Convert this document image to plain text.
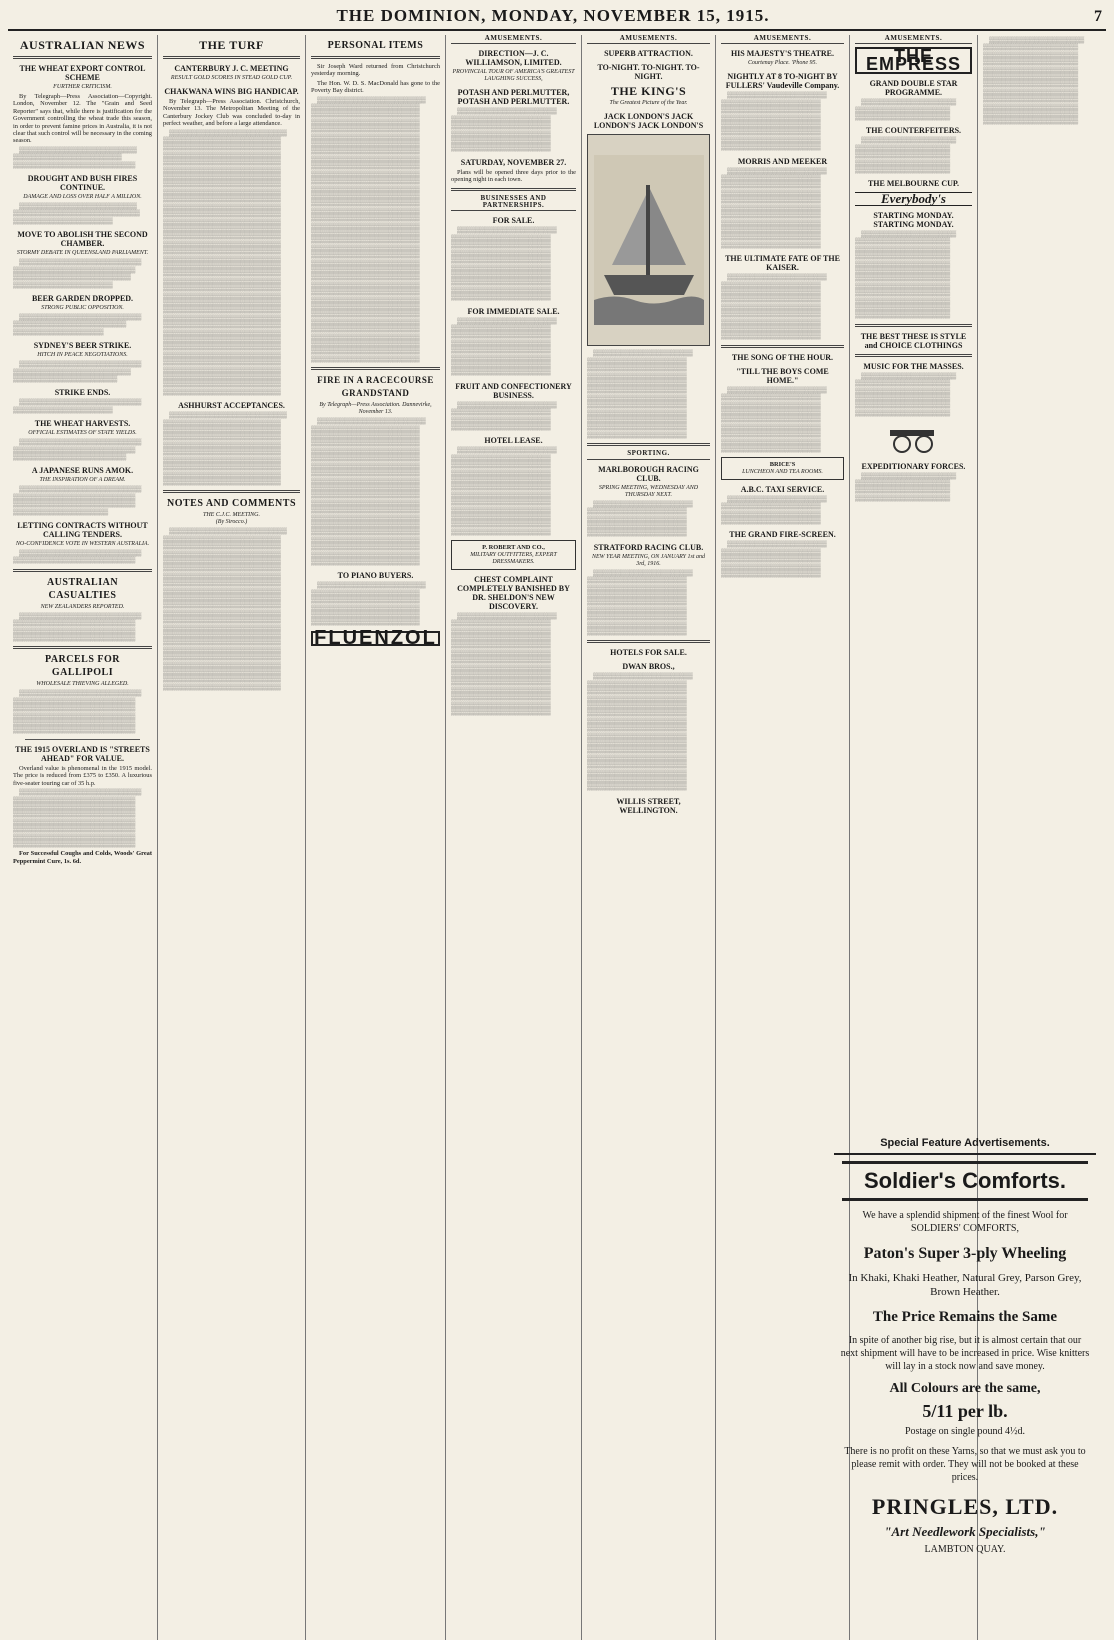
THE DOMINION, MONDAY, NOVEMBER 15, 1915.	7
AUSTRALIAN NEWS
THE WHEAT EXPORT CONTROL SCHEME
FURTHER CRITICISM.
By Telegraph—Press Association—Copyright. London, November 12. The "Grain and Seed Reporter" says that, while there is justification for the Government controlling the wheat trade this season, in order to prevent famine prices in Australia, it is not clear that such control will be necessary in the coming season.
▒▒▒▒▒▒▒▒▒▒▒▒▒▒▒▒▒▒▒▒▒▒▒▒▒▒ ▒▒▒▒▒▒▒▒▒▒▒▒▒▒▒▒▒▒▒▒▒▒▒▒ ▒▒▒▒▒▒▒▒▒▒▒▒▒▒▒▒▒▒▒▒▒▒▒▒▒▒▒
DROUGHT AND BUSH FIRES CONTINUE.
DAMAGE AND LOSS OVER HALF A MILLION.
▒▒▒▒▒▒▒▒▒▒▒▒▒▒▒▒▒▒▒▒▒▒▒▒▒▒ ▒▒▒▒▒▒▒▒▒▒▒▒▒▒▒▒▒▒▒▒▒▒▒▒▒▒▒▒ ▒▒▒▒▒▒▒▒▒▒▒▒▒▒▒▒▒▒▒▒▒▒
MOVE TO ABOLISH THE SECOND CHAMBER.
STORMY DEBATE IN QUEENSLAND PARLIAMENT.
▒▒▒▒▒▒▒▒▒▒▒▒▒▒▒▒▒▒▒▒▒▒▒▒▒▒▒ ▒▒▒▒▒▒▒▒▒▒▒▒▒▒▒▒▒▒▒▒▒▒▒▒▒▒▒ ▒▒▒▒▒▒▒▒▒▒▒▒▒▒▒▒▒▒▒▒▒▒▒▒▒▒ ▒▒▒▒▒▒▒▒▒▒▒▒▒▒▒▒▒▒▒▒▒▒
BEER GARDEN DROPPED.
STRONG PUBLIC OPPOSITION.
▒▒▒▒▒▒▒▒▒▒▒▒▒▒▒▒▒▒▒▒▒▒▒▒▒▒▒ ▒▒▒▒▒▒▒▒▒▒▒▒▒▒▒▒▒▒▒▒▒▒▒▒▒ ▒▒▒▒▒▒▒▒▒▒▒▒▒▒▒▒▒▒▒▒
SYDNEY'S BEER STRIKE.
HITCH IN PEACE NEGOTIATIONS.
▒▒▒▒▒▒▒▒▒▒▒▒▒▒▒▒▒▒▒▒▒▒▒▒▒▒▒ ▒▒▒▒▒▒▒▒▒▒▒▒▒▒▒▒▒▒▒▒▒▒▒▒▒▒ ▒▒▒▒▒▒▒▒▒▒▒▒▒▒▒▒▒▒▒▒▒▒▒
STRIKE ENDS.
▒▒▒▒▒▒▒▒▒▒▒▒▒▒▒▒▒▒▒▒▒▒▒▒▒▒▒ ▒▒▒▒▒▒▒▒▒▒▒▒▒▒▒▒▒▒▒▒▒▒
THE WHEAT HARVESTS.
OFFICIAL ESTIMATES OF STATE YIELDS.
▒▒▒▒▒▒▒▒▒▒▒▒▒▒▒▒▒▒▒▒▒▒▒▒▒▒▒ ▒▒▒▒▒▒▒▒▒▒▒▒▒▒▒▒▒▒▒▒▒▒▒▒▒▒▒ ▒▒▒▒▒▒▒▒▒▒▒▒▒▒▒▒▒▒▒▒▒▒▒▒▒
A JAPANESE RUNS AMOK.
THE INSPIRATION OF A DREAM.
▒▒▒▒▒▒▒▒▒▒▒▒▒▒▒▒▒▒▒▒▒▒▒▒▒▒▒ ▒▒▒▒▒▒▒▒▒▒▒▒▒▒▒▒▒▒▒▒▒▒▒▒▒▒▒ ▒▒▒▒▒▒▒▒▒▒▒▒▒▒▒▒▒▒▒▒▒▒▒▒▒▒▒ ▒▒▒▒▒▒▒▒▒▒▒▒▒▒▒▒▒▒▒▒▒
LETTING CONTRACTS WITHOUT CALLING TENDERS.
NO-CONFIDENCE VOTE IN WESTERN AUSTRALIA.
▒▒▒▒▒▒▒▒▒▒▒▒▒▒▒▒▒▒▒▒▒▒▒▒▒▒▒ ▒▒▒▒▒▒▒▒▒▒▒▒▒▒▒▒▒▒▒▒▒▒▒▒▒▒▒
AUSTRALIAN CASUALTIES
NEW ZEALANDERS REPORTED.
▒▒▒▒▒▒▒▒▒▒▒▒▒▒▒▒▒▒▒▒▒▒▒▒▒▒▒ ▒▒▒▒▒▒▒▒▒▒▒▒▒▒▒▒▒▒▒▒▒▒▒▒▒▒▒ ▒▒▒▒▒▒▒▒▒▒▒▒▒▒▒▒▒▒▒▒▒▒▒▒▒▒▒ ▒▒▒▒▒▒▒▒▒▒▒▒▒▒▒▒▒▒▒▒▒▒▒▒▒▒▒
PARCELS FOR GALLIPOLI
WHOLESALE THIEVING ALLEGED.
▒▒▒▒▒▒▒▒▒▒▒▒▒▒▒▒▒▒▒▒▒▒▒▒▒▒▒ ▒▒▒▒▒▒▒▒▒▒▒▒▒▒▒▒▒▒▒▒▒▒▒▒▒▒▒ ▒▒▒▒▒▒▒▒▒▒▒▒▒▒▒▒▒▒▒▒▒▒▒▒▒▒▒ ▒▒▒▒▒▒▒▒▒▒▒▒▒▒▒▒▒▒▒▒▒▒▒▒▒▒▒ ▒▒▒▒▒▒▒▒▒▒▒▒▒▒▒▒▒▒▒▒▒▒▒▒▒▒▒ ▒▒▒▒▒▒▒▒▒▒▒▒▒▒▒▒▒▒▒▒▒▒▒▒▒▒▒
THE 1915 OVERLAND IS "STREETS AHEAD" FOR VALUE.
Overland value is phenomenal in the 1915 model. The price is reduced from £375 to £350. A luxurious five-seater touring car of 35 h.p.
▒▒▒▒▒▒▒▒▒▒▒▒▒▒▒▒▒▒▒▒▒▒▒▒▒▒▒ ▒▒▒▒▒▒▒▒▒▒▒▒▒▒▒▒▒▒▒▒▒▒▒▒▒▒▒ ▒▒▒▒▒▒▒▒▒▒▒▒▒▒▒▒▒▒▒▒▒▒▒▒▒▒▒ ▒▒▒▒▒▒▒▒▒▒▒▒▒▒▒▒▒▒▒▒▒▒▒▒▒▒▒ ▒▒▒▒▒▒▒▒▒▒▒▒▒▒▒▒▒▒▒▒▒▒▒▒▒▒▒ ▒▒▒▒▒▒▒▒▒▒▒▒▒▒▒▒▒▒▒▒▒▒▒▒▒▒▒ ▒▒▒▒▒▒▒▒▒▒▒▒▒▒▒▒▒▒▒▒▒▒▒▒▒▒▒ ▒▒▒▒▒▒▒▒▒▒▒▒▒▒▒▒▒▒▒▒▒▒▒▒▒▒▒
For Successful Coughs and Colds, Woods' Great Peppermint Cure, 1s. 6d.
THE TURF
CANTERBURY J. C. MEETING
RESULT GOLD SCORES IN STEAD GOLD CUP.
CHAKWANA WINS BIG HANDICAP.
By Telegraph—Press Association. Christchurch, November 13. The Metropolitan Meeting of the Canterbury Jockey Club was concluded to-day in perfect weather, and before a large attendance.
▒▒▒▒▒▒▒▒▒▒▒▒▒▒▒▒▒▒▒▒▒▒▒▒▒▒ ▒▒▒▒▒▒▒▒▒▒▒▒▒▒▒▒▒▒▒▒▒▒▒▒▒▒ ▒▒▒▒▒▒▒▒▒▒▒▒▒▒▒▒▒▒▒▒▒▒▒▒▒▒ ▒▒▒▒▒▒▒▒▒▒▒▒▒▒▒▒▒▒▒▒▒▒▒▒▒▒ ▒▒▒▒▒▒▒▒▒▒▒▒▒▒▒▒▒▒▒▒▒▒▒▒▒▒ ▒▒▒▒▒▒▒▒▒▒▒▒▒▒▒▒▒▒▒▒▒▒▒▒▒▒ ▒▒▒▒▒▒▒▒▒▒▒▒▒▒▒▒▒▒▒▒▒▒▒▒▒▒ ▒▒▒▒▒▒▒▒▒▒▒▒▒▒▒▒▒▒▒▒▒▒▒▒▒▒ ▒▒▒▒▒▒▒▒▒▒▒▒▒▒▒▒▒▒▒▒▒▒▒▒▒▒ ▒▒▒▒▒▒▒▒▒▒▒▒▒▒▒▒▒▒▒▒▒▒▒▒▒▒ ▒▒▒▒▒▒▒▒▒▒▒▒▒▒▒▒▒▒▒▒▒▒▒▒▒▒ ▒▒▒▒▒▒▒▒▒▒▒▒▒▒▒▒▒▒▒▒▒▒▒▒▒▒ ▒▒▒▒▒▒▒▒▒▒▒▒▒▒▒▒▒▒▒▒▒▒▒▒▒▒ ▒▒▒▒▒▒▒▒▒▒▒▒▒▒▒▒▒▒▒▒▒▒▒▒▒▒ ▒▒▒▒▒▒▒▒▒▒▒▒▒▒▒▒▒▒▒▒▒▒▒▒▒▒ ▒▒▒▒▒▒▒▒▒▒▒▒▒▒▒▒▒▒▒▒▒▒▒▒▒▒ ▒▒▒▒▒▒▒▒▒▒▒▒▒▒▒▒▒▒▒▒▒▒▒▒▒▒ ▒▒▒▒▒▒▒▒▒▒▒▒▒▒▒▒▒▒▒▒▒▒▒▒▒▒ ▒▒▒▒▒▒▒▒▒▒▒▒▒▒▒▒▒▒▒▒▒▒▒▒▒▒ ▒▒▒▒▒▒▒▒▒▒▒▒▒▒▒▒▒▒▒▒▒▒▒▒▒▒ ▒▒▒▒▒▒▒▒▒▒▒▒▒▒▒▒▒▒▒▒▒▒▒▒▒▒ ▒▒▒▒▒▒▒▒▒▒▒▒▒▒▒▒▒▒▒▒▒▒▒▒▒▒ ▒▒▒▒▒▒▒▒▒▒▒▒▒▒▒▒▒▒▒▒▒▒▒▒▒▒ ▒▒▒▒▒▒▒▒▒▒▒▒▒▒▒▒▒▒▒▒▒▒▒▒▒▒ ▒▒▒▒▒▒▒▒▒▒▒▒▒▒▒▒▒▒▒▒▒▒▒▒▒▒ ▒▒▒▒▒▒▒▒▒▒▒▒▒▒▒▒▒▒▒▒▒▒▒▒▒▒ ▒▒▒▒▒▒▒▒▒▒▒▒▒▒▒▒▒▒▒▒▒▒▒▒▒▒ ▒▒▒▒▒▒▒▒▒▒▒▒▒▒▒▒▒▒▒▒▒▒▒▒▒▒ ▒▒▒▒▒▒▒▒▒▒▒▒▒▒▒▒▒▒▒▒▒▒▒▒▒▒ ▒▒▒▒▒▒▒▒▒▒▒▒▒▒▒▒▒▒▒▒▒▒▒▒▒▒ ▒▒▒▒▒▒▒▒▒▒▒▒▒▒▒▒▒▒▒▒▒▒▒▒▒▒ ▒▒▒▒▒▒▒▒▒▒▒▒▒▒▒▒▒▒▒▒▒▒▒▒▒▒ ▒▒▒▒▒▒▒▒▒▒▒▒▒▒▒▒▒▒▒▒▒▒▒▒▒▒ ▒▒▒▒▒▒▒▒▒▒▒▒▒▒▒▒▒▒▒▒▒▒▒▒▒▒ ▒▒▒▒▒▒▒▒▒▒▒▒▒▒▒▒▒▒▒▒▒▒▒▒▒▒ ▒▒▒▒▒▒▒▒▒▒▒▒▒▒▒▒▒▒▒▒▒▒▒▒▒▒
ASHHURST ACCEPTANCES.
▒▒▒▒▒▒▒▒▒▒▒▒▒▒▒▒▒▒▒▒▒▒▒▒▒▒ ▒▒▒▒▒▒▒▒▒▒▒▒▒▒▒▒▒▒▒▒▒▒▒▒▒▒ ▒▒▒▒▒▒▒▒▒▒▒▒▒▒▒▒▒▒▒▒▒▒▒▒▒▒ ▒▒▒▒▒▒▒▒▒▒▒▒▒▒▒▒▒▒▒▒▒▒▒▒▒▒ ▒▒▒▒▒▒▒▒▒▒▒▒▒▒▒▒▒▒▒▒▒▒▒▒▒▒ ▒▒▒▒▒▒▒▒▒▒▒▒▒▒▒▒▒▒▒▒▒▒▒▒▒▒ ▒▒▒▒▒▒▒▒▒▒▒▒▒▒▒▒▒▒▒▒▒▒▒▒▒▒ ▒▒▒▒▒▒▒▒▒▒▒▒▒▒▒▒▒▒▒▒▒▒▒▒▒▒ ▒▒▒▒▒▒▒▒▒▒▒▒▒▒▒▒▒▒▒▒▒▒▒▒▒▒ ▒▒▒▒▒▒▒▒▒▒▒▒▒▒▒▒▒▒▒▒▒▒▒▒▒▒
NOTES AND COMMENTS
THE C.J.C. MEETING.
(By Sirocco.)
▒▒▒▒▒▒▒▒▒▒▒▒▒▒▒▒▒▒▒▒▒▒▒▒▒▒ ▒▒▒▒▒▒▒▒▒▒▒▒▒▒▒▒▒▒▒▒▒▒▒▒▒▒ ▒▒▒▒▒▒▒▒▒▒▒▒▒▒▒▒▒▒▒▒▒▒▒▒▒▒ ▒▒▒▒▒▒▒▒▒▒▒▒▒▒▒▒▒▒▒▒▒▒▒▒▒▒ ▒▒▒▒▒▒▒▒▒▒▒▒▒▒▒▒▒▒▒▒▒▒▒▒▒▒ ▒▒▒▒▒▒▒▒▒▒▒▒▒▒▒▒▒▒▒▒▒▒▒▒▒▒ ▒▒▒▒▒▒▒▒▒▒▒▒▒▒▒▒▒▒▒▒▒▒▒▒▒▒ ▒▒▒▒▒▒▒▒▒▒▒▒▒▒▒▒▒▒▒▒▒▒▒▒▒▒ ▒▒▒▒▒▒▒▒▒▒▒▒▒▒▒▒▒▒▒▒▒▒▒▒▒▒ ▒▒▒▒▒▒▒▒▒▒▒▒▒▒▒▒▒▒▒▒▒▒▒▒▒▒ ▒▒▒▒▒▒▒▒▒▒▒▒▒▒▒▒▒▒▒▒▒▒▒▒▒▒ ▒▒▒▒▒▒▒▒▒▒▒▒▒▒▒▒▒▒▒▒▒▒▒▒▒▒ ▒▒▒▒▒▒▒▒▒▒▒▒▒▒▒▒▒▒▒▒▒▒▒▒▒▒ ▒▒▒▒▒▒▒▒▒▒▒▒▒▒▒▒▒▒▒▒▒▒▒▒▒▒ ▒▒▒▒▒▒▒▒▒▒▒▒▒▒▒▒▒▒▒▒▒▒▒▒▒▒ ▒▒▒▒▒▒▒▒▒▒▒▒▒▒▒▒▒▒▒▒▒▒▒▒▒▒ ▒▒▒▒▒▒▒▒▒▒▒▒▒▒▒▒▒▒▒▒▒▒▒▒▒▒ ▒▒▒▒▒▒▒▒▒▒▒▒▒▒▒▒▒▒▒▒▒▒▒▒▒▒ ▒▒▒▒▒▒▒▒▒▒▒▒▒▒▒▒▒▒▒▒▒▒▒▒▒▒ ▒▒▒▒▒▒▒▒▒▒▒▒▒▒▒▒▒▒▒▒▒▒▒▒▒▒ ▒▒▒▒▒▒▒▒▒▒▒▒▒▒▒▒▒▒▒▒▒▒▒▒▒▒ ▒▒▒▒▒▒▒▒▒▒▒▒▒▒▒▒▒▒▒▒▒▒▒▒▒▒
PERSONAL ITEMS
Sir Joseph Ward returned from Christchurch yesterday morning.
The Hon. W. D. S. MacDonald has gone to the Poverty Bay district.
▒▒▒▒▒▒▒▒▒▒▒▒▒▒▒▒▒▒▒▒▒▒▒▒ ▒▒▒▒▒▒▒▒▒▒▒▒▒▒▒▒▒▒▒▒▒▒▒▒ ▒▒▒▒▒▒▒▒▒▒▒▒▒▒▒▒▒▒▒▒▒▒▒▒ ▒▒▒▒▒▒▒▒▒▒▒▒▒▒▒▒▒▒▒▒▒▒▒▒ ▒▒▒▒▒▒▒▒▒▒▒▒▒▒▒▒▒▒▒▒▒▒▒▒ ▒▒▒▒▒▒▒▒▒▒▒▒▒▒▒▒▒▒▒▒▒▒▒▒ ▒▒▒▒▒▒▒▒▒▒▒▒▒▒▒▒▒▒▒▒▒▒▒▒ ▒▒▒▒▒▒▒▒▒▒▒▒▒▒▒▒▒▒▒▒▒▒▒▒ ▒▒▒▒▒▒▒▒▒▒▒▒▒▒▒▒▒▒▒▒▒▒▒▒ ▒▒▒▒▒▒▒▒▒▒▒▒▒▒▒▒▒▒▒▒▒▒▒▒ ▒▒▒▒▒▒▒▒▒▒▒▒▒▒▒▒▒▒▒▒▒▒▒▒ ▒▒▒▒▒▒▒▒▒▒▒▒▒▒▒▒▒▒▒▒▒▒▒▒ ▒▒▒▒▒▒▒▒▒▒▒▒▒▒▒▒▒▒▒▒▒▒▒▒ ▒▒▒▒▒▒▒▒▒▒▒▒▒▒▒▒▒▒▒▒▒▒▒▒ ▒▒▒▒▒▒▒▒▒▒▒▒▒▒▒▒▒▒▒▒▒▒▒▒ ▒▒▒▒▒▒▒▒▒▒▒▒▒▒▒▒▒▒▒▒▒▒▒▒ ▒▒▒▒▒▒▒▒▒▒▒▒▒▒▒▒▒▒▒▒▒▒▒▒ ▒▒▒▒▒▒▒▒▒▒▒▒▒▒▒▒▒▒▒▒▒▒▒▒ ▒▒▒▒▒▒▒▒▒▒▒▒▒▒▒▒▒▒▒▒▒▒▒▒ ▒▒▒▒▒▒▒▒▒▒▒▒▒▒▒▒▒▒▒▒▒▒▒▒ ▒▒▒▒▒▒▒▒▒▒▒▒▒▒▒▒▒▒▒▒▒▒▒▒ ▒▒▒▒▒▒▒▒▒▒▒▒▒▒▒▒▒▒▒▒▒▒▒▒ ▒▒▒▒▒▒▒▒▒▒▒▒▒▒▒▒▒▒▒▒▒▒▒▒ ▒▒▒▒▒▒▒▒▒▒▒▒▒▒▒▒▒▒▒▒▒▒▒▒ ▒▒▒▒▒▒▒▒▒▒▒▒▒▒▒▒▒▒▒▒▒▒▒▒ ▒▒▒▒▒▒▒▒▒▒▒▒▒▒▒▒▒▒▒▒▒▒▒▒ ▒▒▒▒▒▒▒▒▒▒▒▒▒▒▒▒▒▒▒▒▒▒▒▒ ▒▒▒▒▒▒▒▒▒▒▒▒▒▒▒▒▒▒▒▒▒▒▒▒ ▒▒▒▒▒▒▒▒▒▒▒▒▒▒▒▒▒▒▒▒▒▒▒▒ ▒▒▒▒▒▒▒▒▒▒▒▒▒▒▒▒▒▒▒▒▒▒▒▒ ▒▒▒▒▒▒▒▒▒▒▒▒▒▒▒▒▒▒▒▒▒▒▒▒ ▒▒▒▒▒▒▒▒▒▒▒▒▒▒▒▒▒▒▒▒▒▒▒▒ ▒▒▒▒▒▒▒▒▒▒▒▒▒▒▒▒▒▒▒▒▒▒▒▒ ▒▒▒▒▒▒▒▒▒▒▒▒▒▒▒▒▒▒▒▒▒▒▒▒ ▒▒▒▒▒▒▒▒▒▒▒▒▒▒▒▒▒▒▒▒▒▒▒▒ ▒▒▒▒▒▒▒▒▒▒▒▒▒▒▒▒▒▒▒▒▒▒▒▒
FIRE IN A RACECOURSE GRANDSTAND
By Telegraph—Press Association. Dannevirke, November 13.
▒▒▒▒▒▒▒▒▒▒▒▒▒▒▒▒▒▒▒▒▒▒▒▒ ▒▒▒▒▒▒▒▒▒▒▒▒▒▒▒▒▒▒▒▒▒▒▒▒ ▒▒▒▒▒▒▒▒▒▒▒▒▒▒▒▒▒▒▒▒▒▒▒▒ ▒▒▒▒▒▒▒▒▒▒▒▒▒▒▒▒▒▒▒▒▒▒▒▒ ▒▒▒▒▒▒▒▒▒▒▒▒▒▒▒▒▒▒▒▒▒▒▒▒ ▒▒▒▒▒▒▒▒▒▒▒▒▒▒▒▒▒▒▒▒▒▒▒▒ ▒▒▒▒▒▒▒▒▒▒▒▒▒▒▒▒▒▒▒▒▒▒▒▒ ▒▒▒▒▒▒▒▒▒▒▒▒▒▒▒▒▒▒▒▒▒▒▒▒ ▒▒▒▒▒▒▒▒▒▒▒▒▒▒▒▒▒▒▒▒▒▒▒▒ ▒▒▒▒▒▒▒▒▒▒▒▒▒▒▒▒▒▒▒▒▒▒▒▒ ▒▒▒▒▒▒▒▒▒▒▒▒▒▒▒▒▒▒▒▒▒▒▒▒ ▒▒▒▒▒▒▒▒▒▒▒▒▒▒▒▒▒▒▒▒▒▒▒▒ ▒▒▒▒▒▒▒▒▒▒▒▒▒▒▒▒▒▒▒▒▒▒▒▒ ▒▒▒▒▒▒▒▒▒▒▒▒▒▒▒▒▒▒▒▒▒▒▒▒ ▒▒▒▒▒▒▒▒▒▒▒▒▒▒▒▒▒▒▒▒▒▒▒▒ ▒▒▒▒▒▒▒▒▒▒▒▒▒▒▒▒▒▒▒▒▒▒▒▒ ▒▒▒▒▒▒▒▒▒▒▒▒▒▒▒▒▒▒▒▒▒▒▒▒ ▒▒▒▒▒▒▒▒▒▒▒▒▒▒▒▒▒▒▒▒▒▒▒▒ ▒▒▒▒▒▒▒▒▒▒▒▒▒▒▒▒▒▒▒▒▒▒▒▒ ▒▒▒▒▒▒▒▒▒▒▒▒▒▒▒▒▒▒▒▒▒▒▒▒
TO PIANO BUYERS.
▒▒▒▒▒▒▒▒▒▒▒▒▒▒▒▒▒▒▒▒▒▒▒▒ ▒▒▒▒▒▒▒▒▒▒▒▒▒▒▒▒▒▒▒▒▒▒▒▒ ▒▒▒▒▒▒▒▒▒▒▒▒▒▒▒▒▒▒▒▒▒▒▒▒ ▒▒▒▒▒▒▒▒▒▒▒▒▒▒▒▒▒▒▒▒▒▒▒▒ ▒▒▒▒▒▒▒▒▒▒▒▒▒▒▒▒▒▒▒▒▒▒▒▒ ▒▒▒▒▒▒▒▒▒▒▒▒▒▒▒▒▒▒▒▒▒▒▒▒
FLUENZOL
AMUSEMENTS.
DIRECTION—J. C. WILLIAMSON, LIMITED.
PROVINCIAL TOUR OF AMERICA'S GREATEST LAUGHING SUCCESS,
POTASH AND PERLMUTTER, POTASH AND PERLMUTTER.
▒▒▒▒▒▒▒▒▒▒▒▒▒▒▒▒▒▒▒▒▒▒ ▒▒▒▒▒▒▒▒▒▒▒▒▒▒▒▒▒▒▒▒▒▒ ▒▒▒▒▒▒▒▒▒▒▒▒▒▒▒▒▒▒▒▒▒▒ ▒▒▒▒▒▒▒▒▒▒▒▒▒▒▒▒▒▒▒▒▒▒ ▒▒▒▒▒▒▒▒▒▒▒▒▒▒▒▒▒▒▒▒▒▒ ▒▒▒▒▒▒▒▒▒▒▒▒▒▒▒▒▒▒▒▒▒▒
SATURDAY, NOVEMBER 27.
Plans will be opened three days prior to the opening night in each town.
BUSINESSES AND PARTNERSHIPS.
FOR SALE.
▒▒▒▒▒▒▒▒▒▒▒▒▒▒▒▒▒▒▒▒▒▒ ▒▒▒▒▒▒▒▒▒▒▒▒▒▒▒▒▒▒▒▒▒▒ ▒▒▒▒▒▒▒▒▒▒▒▒▒▒▒▒▒▒▒▒▒▒ ▒▒▒▒▒▒▒▒▒▒▒▒▒▒▒▒▒▒▒▒▒▒ ▒▒▒▒▒▒▒▒▒▒▒▒▒▒▒▒▒▒▒▒▒▒ ▒▒▒▒▒▒▒▒▒▒▒▒▒▒▒▒▒▒▒▒▒▒ ▒▒▒▒▒▒▒▒▒▒▒▒▒▒▒▒▒▒▒▒▒▒ ▒▒▒▒▒▒▒▒▒▒▒▒▒▒▒▒▒▒▒▒▒▒ ▒▒▒▒▒▒▒▒▒▒▒▒▒▒▒▒▒▒▒▒▒▒ ▒▒▒▒▒▒▒▒▒▒▒▒▒▒▒▒▒▒▒▒▒▒
FOR IMMEDIATE SALE.
▒▒▒▒▒▒▒▒▒▒▒▒▒▒▒▒▒▒▒▒▒▒ ▒▒▒▒▒▒▒▒▒▒▒▒▒▒▒▒▒▒▒▒▒▒ ▒▒▒▒▒▒▒▒▒▒▒▒▒▒▒▒▒▒▒▒▒▒ ▒▒▒▒▒▒▒▒▒▒▒▒▒▒▒▒▒▒▒▒▒▒ ▒▒▒▒▒▒▒▒▒▒▒▒▒▒▒▒▒▒▒▒▒▒ ▒▒▒▒▒▒▒▒▒▒▒▒▒▒▒▒▒▒▒▒▒▒ ▒▒▒▒▒▒▒▒▒▒▒▒▒▒▒▒▒▒▒▒▒▒ ▒▒▒▒▒▒▒▒▒▒▒▒▒▒▒▒▒▒▒▒▒▒
FRUIT AND CONFECTIONERY BUSINESS.
▒▒▒▒▒▒▒▒▒▒▒▒▒▒▒▒▒▒▒▒▒▒ ▒▒▒▒▒▒▒▒▒▒▒▒▒▒▒▒▒▒▒▒▒▒ ▒▒▒▒▒▒▒▒▒▒▒▒▒▒▒▒▒▒▒▒▒▒ ▒▒▒▒▒▒▒▒▒▒▒▒▒▒▒▒▒▒▒▒▒▒
HOTEL LEASE.
▒▒▒▒▒▒▒▒▒▒▒▒▒▒▒▒▒▒▒▒▒▒ ▒▒▒▒▒▒▒▒▒▒▒▒▒▒▒▒▒▒▒▒▒▒ ▒▒▒▒▒▒▒▒▒▒▒▒▒▒▒▒▒▒▒▒▒▒ ▒▒▒▒▒▒▒▒▒▒▒▒▒▒▒▒▒▒▒▒▒▒ ▒▒▒▒▒▒▒▒▒▒▒▒▒▒▒▒▒▒▒▒▒▒ ▒▒▒▒▒▒▒▒▒▒▒▒▒▒▒▒▒▒▒▒▒▒ ▒▒▒▒▒▒▒▒▒▒▒▒▒▒▒▒▒▒▒▒▒▒ ▒▒▒▒▒▒▒▒▒▒▒▒▒▒▒▒▒▒▒▒▒▒ ▒▒▒▒▒▒▒▒▒▒▒▒▒▒▒▒▒▒▒▒▒▒ ▒▒▒▒▒▒▒▒▒▒▒▒▒▒▒▒▒▒▒▒▒▒ ▒▒▒▒▒▒▒▒▒▒▒▒▒▒▒▒▒▒▒▒▒▒ ▒▒▒▒▒▒▒▒▒▒▒▒▒▒▒▒▒▒▒▒▒▒
P. ROBERT AND CO.,
MILITARY OUTFITTERS, EXPERT DRESSMAKERS.
CHEST COMPLAINT COMPLETELY BANISHED BY DR. SHELDON'S NEW DISCOVERY.
▒▒▒▒▒▒▒▒▒▒▒▒▒▒▒▒▒▒▒▒▒▒ ▒▒▒▒▒▒▒▒▒▒▒▒▒▒▒▒▒▒▒▒▒▒ ▒▒▒▒▒▒▒▒▒▒▒▒▒▒▒▒▒▒▒▒▒▒ ▒▒▒▒▒▒▒▒▒▒▒▒▒▒▒▒▒▒▒▒▒▒ ▒▒▒▒▒▒▒▒▒▒▒▒▒▒▒▒▒▒▒▒▒▒ ▒▒▒▒▒▒▒▒▒▒▒▒▒▒▒▒▒▒▒▒▒▒ ▒▒▒▒▒▒▒▒▒▒▒▒▒▒▒▒▒▒▒▒▒▒ ▒▒▒▒▒▒▒▒▒▒▒▒▒▒▒▒▒▒▒▒▒▒ ▒▒▒▒▒▒▒▒▒▒▒▒▒▒▒▒▒▒▒▒▒▒ ▒▒▒▒▒▒▒▒▒▒▒▒▒▒▒▒▒▒▒▒▒▒ ▒▒▒▒▒▒▒▒▒▒▒▒▒▒▒▒▒▒▒▒▒▒ ▒▒▒▒▒▒▒▒▒▒▒▒▒▒▒▒▒▒▒▒▒▒ ▒▒▒▒▒▒▒▒▒▒▒▒▒▒▒▒▒▒▒▒▒▒ ▒▒▒▒▒▒▒▒▒▒▒▒▒▒▒▒▒▒▒▒▒▒
AMUSEMENTS.
SUPERB ATTRACTION.
TO-NIGHT. TO-NIGHT. TO-NIGHT.
THE KING'S
The Greatest Picture of the Year.
JACK LONDON'S JACK LONDON'S JACK LONDON'S
▒▒▒▒▒▒▒▒▒▒▒▒▒▒▒▒▒▒▒▒▒▒ ▒▒▒▒▒▒▒▒▒▒▒▒▒▒▒▒▒▒▒▒▒▒ ▒▒▒▒▒▒▒▒▒▒▒▒▒▒▒▒▒▒▒▒▒▒ ▒▒▒▒▒▒▒▒▒▒▒▒▒▒▒▒▒▒▒▒▒▒ ▒▒▒▒▒▒▒▒▒▒▒▒▒▒▒▒▒▒▒▒▒▒ ▒▒▒▒▒▒▒▒▒▒▒▒▒▒▒▒▒▒▒▒▒▒ ▒▒▒▒▒▒▒▒▒▒▒▒▒▒▒▒▒▒▒▒▒▒ ▒▒▒▒▒▒▒▒▒▒▒▒▒▒▒▒▒▒▒▒▒▒ ▒▒▒▒▒▒▒▒▒▒▒▒▒▒▒▒▒▒▒▒▒▒ ▒▒▒▒▒▒▒▒▒▒▒▒▒▒▒▒▒▒▒▒▒▒ ▒▒▒▒▒▒▒▒▒▒▒▒▒▒▒▒▒▒▒▒▒▒ ▒▒▒▒▒▒▒▒▒▒▒▒▒▒▒▒▒▒▒▒▒▒
SPORTING.
MARLBOROUGH RACING CLUB.
SPRING MEETING, WEDNESDAY AND THURSDAY NEXT.
▒▒▒▒▒▒▒▒▒▒▒▒▒▒▒▒▒▒▒▒▒▒ ▒▒▒▒▒▒▒▒▒▒▒▒▒▒▒▒▒▒▒▒▒▒ ▒▒▒▒▒▒▒▒▒▒▒▒▒▒▒▒▒▒▒▒▒▒ ▒▒▒▒▒▒▒▒▒▒▒▒▒▒▒▒▒▒▒▒▒▒ ▒▒▒▒▒▒▒▒▒▒▒▒▒▒▒▒▒▒▒▒▒▒
STRATFORD RACING CLUB.
NEW YEAR MEETING, ON JANUARY 1st and 3rd, 1916.
▒▒▒▒▒▒▒▒▒▒▒▒▒▒▒▒▒▒▒▒▒▒ ▒▒▒▒▒▒▒▒▒▒▒▒▒▒▒▒▒▒▒▒▒▒ ▒▒▒▒▒▒▒▒▒▒▒▒▒▒▒▒▒▒▒▒▒▒ ▒▒▒▒▒▒▒▒▒▒▒▒▒▒▒▒▒▒▒▒▒▒ ▒▒▒▒▒▒▒▒▒▒▒▒▒▒▒▒▒▒▒▒▒▒ ▒▒▒▒▒▒▒▒▒▒▒▒▒▒▒▒▒▒▒▒▒▒ ▒▒▒▒▒▒▒▒▒▒▒▒▒▒▒▒▒▒▒▒▒▒ ▒▒▒▒▒▒▒▒▒▒▒▒▒▒▒▒▒▒▒▒▒▒ ▒▒▒▒▒▒▒▒▒▒▒▒▒▒▒▒▒▒▒▒▒▒
HOTELS FOR SALE.
DWAN BROS.,
▒▒▒▒▒▒▒▒▒▒▒▒▒▒▒▒▒▒▒▒▒▒ ▒▒▒▒▒▒▒▒▒▒▒▒▒▒▒▒▒▒▒▒▒▒ ▒▒▒▒▒▒▒▒▒▒▒▒▒▒▒▒▒▒▒▒▒▒ ▒▒▒▒▒▒▒▒▒▒▒▒▒▒▒▒▒▒▒▒▒▒ ▒▒▒▒▒▒▒▒▒▒▒▒▒▒▒▒▒▒▒▒▒▒ ▒▒▒▒▒▒▒▒▒▒▒▒▒▒▒▒▒▒▒▒▒▒ ▒▒▒▒▒▒▒▒▒▒▒▒▒▒▒▒▒▒▒▒▒▒ ▒▒▒▒▒▒▒▒▒▒▒▒▒▒▒▒▒▒▒▒▒▒ ▒▒▒▒▒▒▒▒▒▒▒▒▒▒▒▒▒▒▒▒▒▒ ▒▒▒▒▒▒▒▒▒▒▒▒▒▒▒▒▒▒▒▒▒▒ ▒▒▒▒▒▒▒▒▒▒▒▒▒▒▒▒▒▒▒▒▒▒ ▒▒▒▒▒▒▒▒▒▒▒▒▒▒▒▒▒▒▒▒▒▒ ▒▒▒▒▒▒▒▒▒▒▒▒▒▒▒▒▒▒▒▒▒▒ ▒▒▒▒▒▒▒▒▒▒▒▒▒▒▒▒▒▒▒▒▒▒ ▒▒▒▒▒▒▒▒▒▒▒▒▒▒▒▒▒▒▒▒▒▒ ▒▒▒▒▒▒▒▒▒▒▒▒▒▒▒▒▒▒▒▒▒▒
WILLIS STREET, WELLINGTON.
AMUSEMENTS.
HIS MAJESTY'S THEATRE.
Courtenay Place. 'Phone 95.
NIGHTLY AT 8 TO-NIGHT BY FULLERS' Vaudeville Company.
▒▒▒▒▒▒▒▒▒▒▒▒▒▒▒▒▒▒▒▒▒▒ ▒▒▒▒▒▒▒▒▒▒▒▒▒▒▒▒▒▒▒▒▒▒ ▒▒▒▒▒▒▒▒▒▒▒▒▒▒▒▒▒▒▒▒▒▒ ▒▒▒▒▒▒▒▒▒▒▒▒▒▒▒▒▒▒▒▒▒▒ ▒▒▒▒▒▒▒▒▒▒▒▒▒▒▒▒▒▒▒▒▒▒ ▒▒▒▒▒▒▒▒▒▒▒▒▒▒▒▒▒▒▒▒▒▒ ▒▒▒▒▒▒▒▒▒▒▒▒▒▒▒▒▒▒▒▒▒▒ ▒▒▒▒▒▒▒▒▒▒▒▒▒▒▒▒▒▒▒▒▒▒
MORRIS AND MEEKER
▒▒▒▒▒▒▒▒▒▒▒▒▒▒▒▒▒▒▒▒▒▒ ▒▒▒▒▒▒▒▒▒▒▒▒▒▒▒▒▒▒▒▒▒▒ ▒▒▒▒▒▒▒▒▒▒▒▒▒▒▒▒▒▒▒▒▒▒ ▒▒▒▒▒▒▒▒▒▒▒▒▒▒▒▒▒▒▒▒▒▒ ▒▒▒▒▒▒▒▒▒▒▒▒▒▒▒▒▒▒▒▒▒▒ ▒▒▒▒▒▒▒▒▒▒▒▒▒▒▒▒▒▒▒▒▒▒ ▒▒▒▒▒▒▒▒▒▒▒▒▒▒▒▒▒▒▒▒▒▒ ▒▒▒▒▒▒▒▒▒▒▒▒▒▒▒▒▒▒▒▒▒▒ ▒▒▒▒▒▒▒▒▒▒▒▒▒▒▒▒▒▒▒▒▒▒ ▒▒▒▒▒▒▒▒▒▒▒▒▒▒▒▒▒▒▒▒▒▒ ▒▒▒▒▒▒▒▒▒▒▒▒▒▒▒▒▒▒▒▒▒▒
THE ULTIMATE FATE OF THE KAISER.
▒▒▒▒▒▒▒▒▒▒▒▒▒▒▒▒▒▒▒▒▒▒ ▒▒▒▒▒▒▒▒▒▒▒▒▒▒▒▒▒▒▒▒▒▒ ▒▒▒▒▒▒▒▒▒▒▒▒▒▒▒▒▒▒▒▒▒▒ ▒▒▒▒▒▒▒▒▒▒▒▒▒▒▒▒▒▒▒▒▒▒ ▒▒▒▒▒▒▒▒▒▒▒▒▒▒▒▒▒▒▒▒▒▒ ▒▒▒▒▒▒▒▒▒▒▒▒▒▒▒▒▒▒▒▒▒▒ ▒▒▒▒▒▒▒▒▒▒▒▒▒▒▒▒▒▒▒▒▒▒ ▒▒▒▒▒▒▒▒▒▒▒▒▒▒▒▒▒▒▒▒▒▒ ▒▒▒▒▒▒▒▒▒▒▒▒▒▒▒▒▒▒▒▒▒▒
THE SONG OF THE HOUR.
"TILL THE BOYS COME HOME."
▒▒▒▒▒▒▒▒▒▒▒▒▒▒▒▒▒▒▒▒▒▒ ▒▒▒▒▒▒▒▒▒▒▒▒▒▒▒▒▒▒▒▒▒▒ ▒▒▒▒▒▒▒▒▒▒▒▒▒▒▒▒▒▒▒▒▒▒ ▒▒▒▒▒▒▒▒▒▒▒▒▒▒▒▒▒▒▒▒▒▒ ▒▒▒▒▒▒▒▒▒▒▒▒▒▒▒▒▒▒▒▒▒▒ ▒▒▒▒▒▒▒▒▒▒▒▒▒▒▒▒▒▒▒▒▒▒ ▒▒▒▒▒▒▒▒▒▒▒▒▒▒▒▒▒▒▒▒▒▒ ▒▒▒▒▒▒▒▒▒▒▒▒▒▒▒▒▒▒▒▒▒▒ ▒▒▒▒▒▒▒▒▒▒▒▒▒▒▒▒▒▒▒▒▒▒
BRICE'S
LUNCHEON AND TEA ROOMS.
A.B.C. TAXI SERVICE.
▒▒▒▒▒▒▒▒▒▒▒▒▒▒▒▒▒▒▒▒▒▒ ▒▒▒▒▒▒▒▒▒▒▒▒▒▒▒▒▒▒▒▒▒▒ ▒▒▒▒▒▒▒▒▒▒▒▒▒▒▒▒▒▒▒▒▒▒ ▒▒▒▒▒▒▒▒▒▒▒▒▒▒▒▒▒▒▒▒▒▒
THE GRAND FIRE-SCREEN.
▒▒▒▒▒▒▒▒▒▒▒▒▒▒▒▒▒▒▒▒▒▒ ▒▒▒▒▒▒▒▒▒▒▒▒▒▒▒▒▒▒▒▒▒▒ ▒▒▒▒▒▒▒▒▒▒▒▒▒▒▒▒▒▒▒▒▒▒ ▒▒▒▒▒▒▒▒▒▒▒▒▒▒▒▒▒▒▒▒▒▒ ▒▒▒▒▒▒▒▒▒▒▒▒▒▒▒▒▒▒▒▒▒▒
AMUSEMENTS.
THE EMPRESS
GRAND DOUBLE STAR PROGRAMME.
▒▒▒▒▒▒▒▒▒▒▒▒▒▒▒▒▒▒▒▒▒ ▒▒▒▒▒▒▒▒▒▒▒▒▒▒▒▒▒▒▒▒▒ ▒▒▒▒▒▒▒▒▒▒▒▒▒▒▒▒▒▒▒▒▒
THE COUNTERFEITERS.
▒▒▒▒▒▒▒▒▒▒▒▒▒▒▒▒▒▒▒▒▒ ▒▒▒▒▒▒▒▒▒▒▒▒▒▒▒▒▒▒▒▒▒ ▒▒▒▒▒▒▒▒▒▒▒▒▒▒▒▒▒▒▒▒▒ ▒▒▒▒▒▒▒▒▒▒▒▒▒▒▒▒▒▒▒▒▒ ▒▒▒▒▒▒▒▒▒▒▒▒▒▒▒▒▒▒▒▒▒
THE MELBOURNE CUP.
Everybody's
STARTING MONDAY. STARTING MONDAY.
▒▒▒▒▒▒▒▒▒▒▒▒▒▒▒▒▒▒▒▒▒ ▒▒▒▒▒▒▒▒▒▒▒▒▒▒▒▒▒▒▒▒▒ ▒▒▒▒▒▒▒▒▒▒▒▒▒▒▒▒▒▒▒▒▒ ▒▒▒▒▒▒▒▒▒▒▒▒▒▒▒▒▒▒▒▒▒ ▒▒▒▒▒▒▒▒▒▒▒▒▒▒▒▒▒▒▒▒▒ ▒▒▒▒▒▒▒▒▒▒▒▒▒▒▒▒▒▒▒▒▒ ▒▒▒▒▒▒▒▒▒▒▒▒▒▒▒▒▒▒▒▒▒ ▒▒▒▒▒▒▒▒▒▒▒▒▒▒▒▒▒▒▒▒▒ ▒▒▒▒▒▒▒▒▒▒▒▒▒▒▒▒▒▒▒▒▒ ▒▒▒▒▒▒▒▒▒▒▒▒▒▒▒▒▒▒▒▒▒ ▒▒▒▒▒▒▒▒▒▒▒▒▒▒▒▒▒▒▒▒▒ ▒▒▒▒▒▒▒▒▒▒▒▒▒▒▒▒▒▒▒▒▒
THE BEST THESE IS STYLE and CHOICE CLOTHINGS
MUSIC FOR THE MASSES.
▒▒▒▒▒▒▒▒▒▒▒▒▒▒▒▒▒▒▒▒▒ ▒▒▒▒▒▒▒▒▒▒▒▒▒▒▒▒▒▒▒▒▒ ▒▒▒▒▒▒▒▒▒▒▒▒▒▒▒▒▒▒▒▒▒ ▒▒▒▒▒▒▒▒▒▒▒▒▒▒▒▒▒▒▒▒▒ ▒▒▒▒▒▒▒▒▒▒▒▒▒▒▒▒▒▒▒▒▒ ▒▒▒▒▒▒▒▒▒▒▒▒▒▒▒▒▒▒▒▒▒
EXPEDITIONARY FORCES.
▒▒▒▒▒▒▒▒▒▒▒▒▒▒▒▒▒▒▒▒▒ ▒▒▒▒▒▒▒▒▒▒▒▒▒▒▒▒▒▒▒▒▒ ▒▒▒▒▒▒▒▒▒▒▒▒▒▒▒▒▒▒▒▒▒ ▒▒▒▒▒▒▒▒▒▒▒▒▒▒▒▒▒▒▒▒▒
▒▒▒▒▒▒▒▒▒▒▒▒▒▒▒▒▒▒▒▒▒ ▒▒▒▒▒▒▒▒▒▒▒▒▒▒▒▒▒▒▒▒▒ ▒▒▒▒▒▒▒▒▒▒▒▒▒▒▒▒▒▒▒▒▒ ▒▒▒▒▒▒▒▒▒▒▒▒▒▒▒▒▒▒▒▒▒ ▒▒▒▒▒▒▒▒▒▒▒▒▒▒▒▒▒▒▒▒▒ ▒▒▒▒▒▒▒▒▒▒▒▒▒▒▒▒▒▒▒▒▒ ▒▒▒▒▒▒▒▒▒▒▒▒▒▒▒▒▒▒▒▒▒ ▒▒▒▒▒▒▒▒▒▒▒▒▒▒▒▒▒▒▒▒▒ ▒▒▒▒▒▒▒▒▒▒▒▒▒▒▒▒▒▒▒▒▒ ▒▒▒▒▒▒▒▒▒▒▒▒▒▒▒▒▒▒▒▒▒ ▒▒▒▒▒▒▒▒▒▒▒▒▒▒▒▒▒▒▒▒▒ ▒▒▒▒▒▒▒▒▒▒▒▒▒▒▒▒▒▒▒▒▒
Special Feature Advertisements.
Soldier's Comforts.
We have a splendid shipment of the finest Wool for SOLDIERS' COMFORTS,
Paton's Super 3-ply Wheeling
In Khaki, Khaki Heather, Natural Grey, Parson Grey, Brown Heather.
The Price Remains the Same
In spite of another big rise, but it is almost certain that our next shipment will have to be increased in price. Wise knitters will lay in a stock now and save money.
All Colours are the same,
5/11 per lb.
Postage on single pound 4½d.
There is no profit on these Yarns, so that we must ask you to please remit with order. They will not be booked at these prices.
PRINGLES, LTD.
"Art Needlework Specialists,"
LAMBTON QUAY.
